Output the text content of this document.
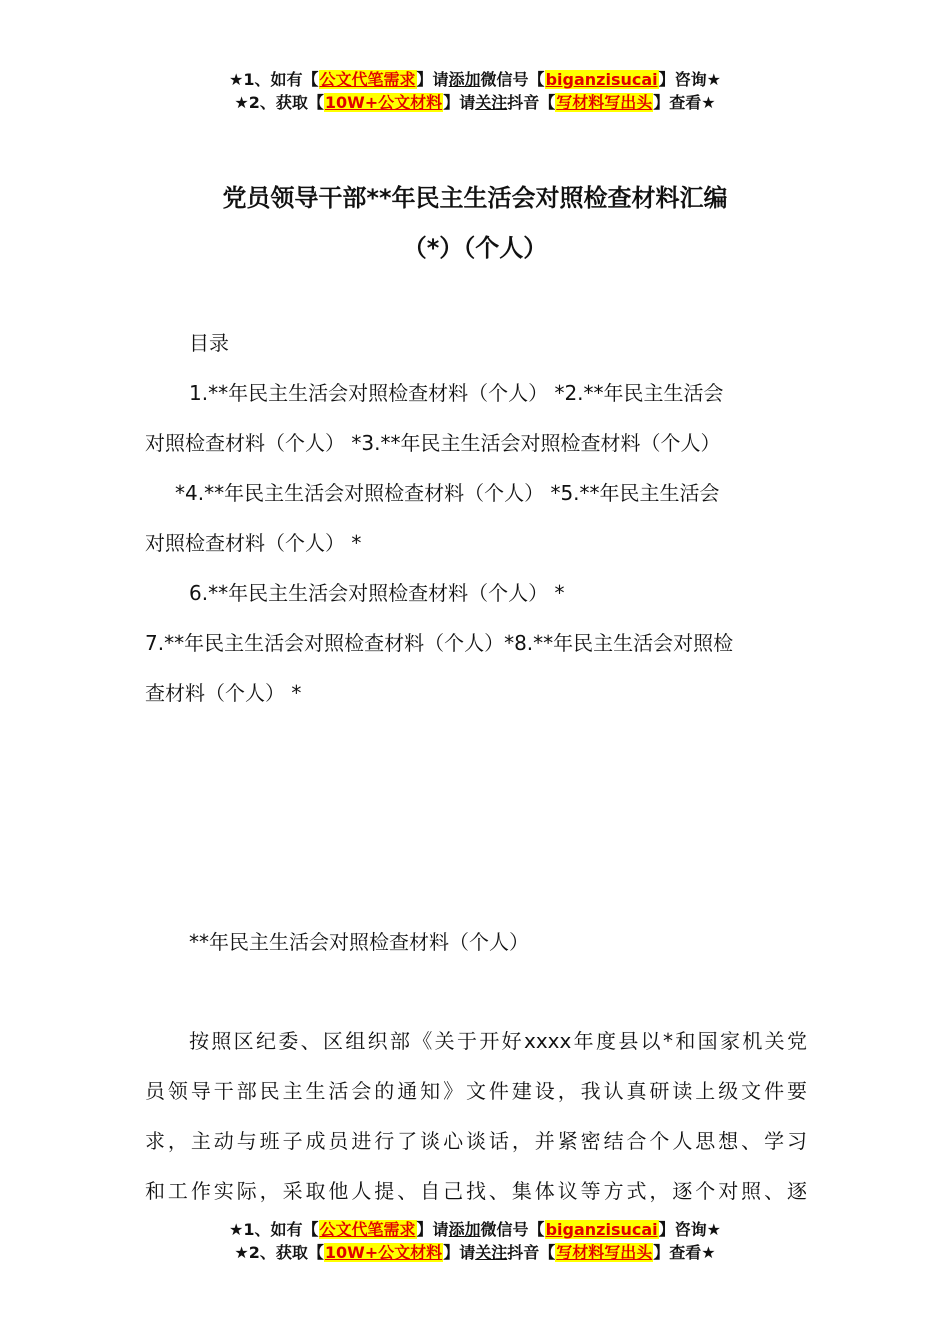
★1、如有【公文代笔需求】请添加微信号【biganzisucai】咨询★
★2、获取【10W+公文材料】请关注抖音【写材料写出头】查看★
党员领导干部**年民主生活会对照检查材料汇编
（*）（个人）

目录

1.**年民主生活会对照检查材料（个人） *2.**年民主生活会

对照检查材料（个人） *3.**年民主生活会对照检查材料（个人）

*4.**年民主生活会对照检查材料（个人） *5.**年民主生活会

对照检查材料（个人） *

6.**年民主生活会对照检查材料（个人） *

7.**年民主生活会对照检查材料（个人）*8.**年民主生活会对照检

查材料（个人） *

**年民主生活会对照检查材料（个人）
按照区纪委、区组织部《关于开好xxxx年度县以*和国家机关党
员领导干部民主生活会的通知》文件建设，我认真研读上级文件要
求，主动与班子成员进行了谈心谈话，并紧密结合个人思想、学习
和工作实际，采取他人提、自己找、集体议等方式，逐个对照、逐
★1、如有【公文代笔需求】请添加微信号【biganzisucai】咨询★
★2、获取【10W+公文材料】请关注抖音【写材料写出头】查看★
